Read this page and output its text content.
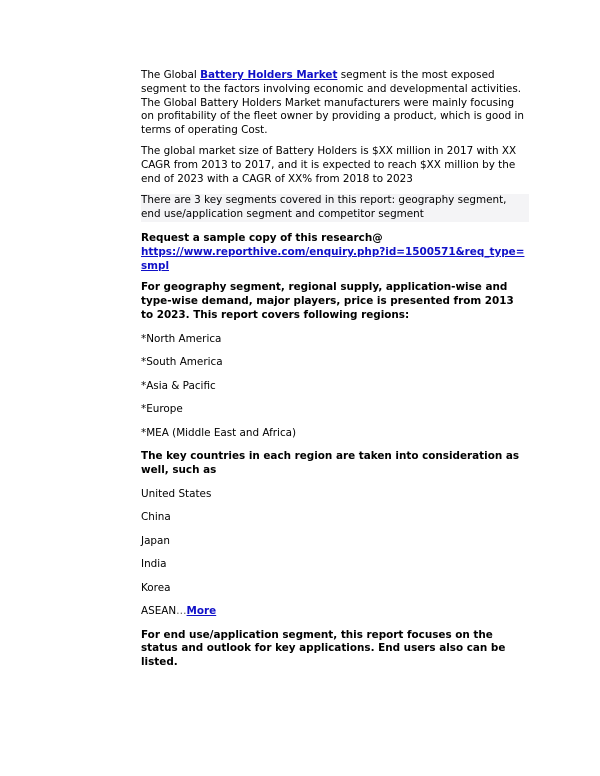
The Global Battery Holders Market segment is the most exposed segment to the factors involving economic and developmental activities. The Global Battery Holders Market manufacturers were mainly focusing on profitability of the fleet owner by providing a product, which is good in terms of operating Cost.

The global market size of Battery Holders is $XX million in 2017 with XX CAGR from 2013 to 2017, and it is expected to reach $XX million by the end of 2023 with a CAGR of XX% from 2018 to 2023

There are 3 key segments covered in this report: geography segment, end use/application segment and competitor segment

Request a sample copy of this research@
https://www.reporthive.com/enquiry.php?id=1500571&req_type=smpl

For geography segment, regional supply, application-wise and type-wise demand, major players, price is presented from 2013 to 2023. This report covers following regions:

*North America

*South America

*Asia & Pacific

*Europe

*MEA (Middle East and Africa)

The key countries in each region are taken into consideration as well, such as

United States

China

Japan

India

Korea

ASEAN…More

For end use/application segment, this report focuses on the status and outlook for key applications. End users also can be listed.
